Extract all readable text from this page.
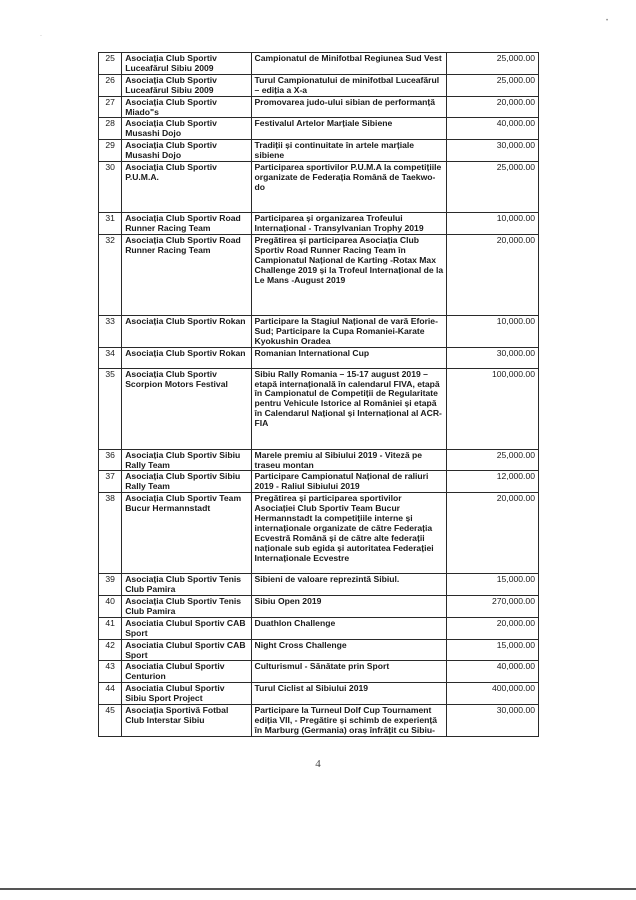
•
·
25	Asociația Club Sportiv Luceafărul Sibiu 2009	Campionatul de Minifotbal Regiunea Sud Vest	25,000.00
26	Asociația Club Sportiv Luceafărul Sibiu 2009	Turul Campionatului de minifotbal Luceafărul – ediția a X-a	25,000.00
27	Asociația Club Sportiv Miado"s	Promovarea judo-ului sibian de performanță	20,000.00
28	Asociația Club Sportiv Musashi Dojo	Festivalul Artelor Marțiale Sibiene	40,000.00
29	Asociația Club Sportiv Musashi Dojo	Tradiții și continuitate în artele marțiale sibiene	30,000.00
30	Asociația Club Sportiv P.U.M.A.	Participarea sportivilor P.U.M.A la competițiile organizate de Federația Română de Taekwo-do	25,000.00
31	Asociația Club Sportiv Road Runner Racing Team	Participarea și organizarea Trofeului Internațional - Transylvanian Trophy 2019	10,000.00
32	Asociația Club Sportiv Road Runner Racing Team	Pregătirea și participarea Asociația Club Sportiv Road Runner Racing Team în Campionatul Național de Karting -Rotax Max Challenge 2019 și la Trofeul Internațional de la Le Mans -August 2019	20,000.00
33	Asociația Club Sportiv Rokan	Participare la Stagiul Național de vară Eforie-Sud; Participare la Cupa Romaniei-Karate Kyokushin Oradea	10,000.00
34	Asociația Club Sportiv Rokan	Romanian International Cup	30,000.00
35	Asociația Club Sportiv Scorpion Motors Festival	Sibiu Rally Romania – 15-17 august 2019 – etapă internațională în calendarul FIVA, etapă în Campionatul de Competiții de Regularitate pentru Vehicule Istorice al României și etapă în Calendarul Național și Internațional al ACR-FIA	100,000.00
36	Asociația Club Sportiv Sibiu Rally Team	Marele premiu al Sibiului 2019 - Viteză pe traseu montan	25,000.00
37	Asociația Club Sportiv Sibiu Rally Team	Participare Campionatul Național de raliuri 2019 - Raliul Sibiului 2019	12,000.00
38	Asociația Club Sportiv Team Bucur Hermannstadt	Pregătirea și participarea sportivilor Asociației Club Sportiv Team Bucur Hermannstadt la competițiile interne și internaționale organizate de către Federația Ecvestră Română și de către alte federații naționale sub egida și autoritatea Federației Internaționale Ecvestre	20,000.00
39	Asociația Club Sportiv Tenis Club Pamira	Sibieni de valoare reprezintă Sibiul.	15,000.00
40	Asociația Club Sportiv Tenis Club Pamira	Sibiu Open 2019	270,000.00
41	Asociatia Clubul Sportiv CAB Sport	Duathlon Challenge	20,000.00
42	Asociatia Clubul Sportiv CAB Sport	Night Cross Challenge	15,000.00
43	Asociatia Clubul Sportiv Centurion	Culturismul - Sănătate prin Sport	40,000.00
44	Asociatia Clubul Sportiv Sibiu Sport Project	Turul Ciclist al Sibiului 2019	400,000.00
45	Asociația Sportivă Fotbal Club Interstar Sibiu	Participare la Turneul Dolf Cup Tournament ediția VII, - Pregătire și schimb de experiență în Marburg (Germania) oraș înfrățit cu Sibiu-	30,000.00
4
